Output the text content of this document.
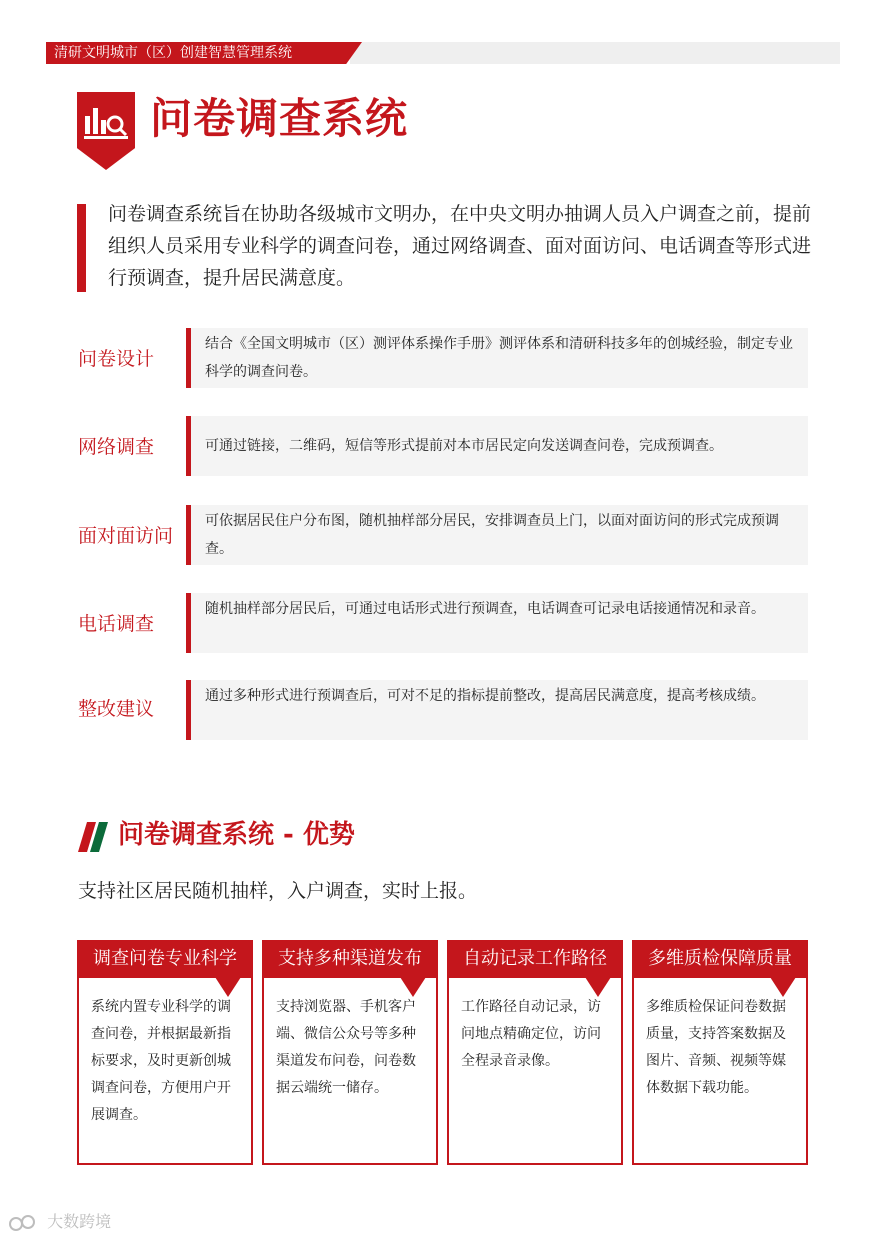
清研文明城市（区）创建智慧管理系统
问卷调查系统
问卷调查系统旨在协助各级城市文明办，在中央文明办抽调人员入户调查之前，提前组织人员采用专业科学的调查问卷，通过网络调查、面对面访问、电话调查等形式进行预调查，提升居民满意度。
问卷设计
结合《全国文明城市（区）测评体系操作手册》测评体系和清研科技多年的创城经验，制定专业科学的调查问卷。
网络调查	可通过链接，二维码，短信等形式提前对本市居民定向发送调查问卷，完成预调查。
面对面访问
可依据居民住户分布图，随机抽样部分居民，安排调查员上门，以面对面访问的形式完成预调查。
电话调查
随机抽样部分居民后，可通过电话形式进行预调查，电话调查可记录电话接通情况和录音。
整改建议
通过多种形式进行预调查后，可对不足的指标提前整改，提高居民满意度，提高考核成绩。
问卷调查系统 - 优势
支持社区居民随机抽样，入户调查，实时上报。
调查问卷专业科学
系统内置专业科学的调查问卷，并根据最新指标要求，及时更新创城调查问卷，方便用户开展调查。
支持多种渠道发布
支持浏览器、手机客户端、微信公众号等多种渠道发布问卷，问卷数据云端统一储存。
自动记录工作路径
工作路径自动记录，访问地点精确定位，访问全程录音录像。
多维质检保障质量
多维质检保证问卷数据质量，支持答案数据及图片、音频、视频等媒体数据下载功能。
大数跨境
